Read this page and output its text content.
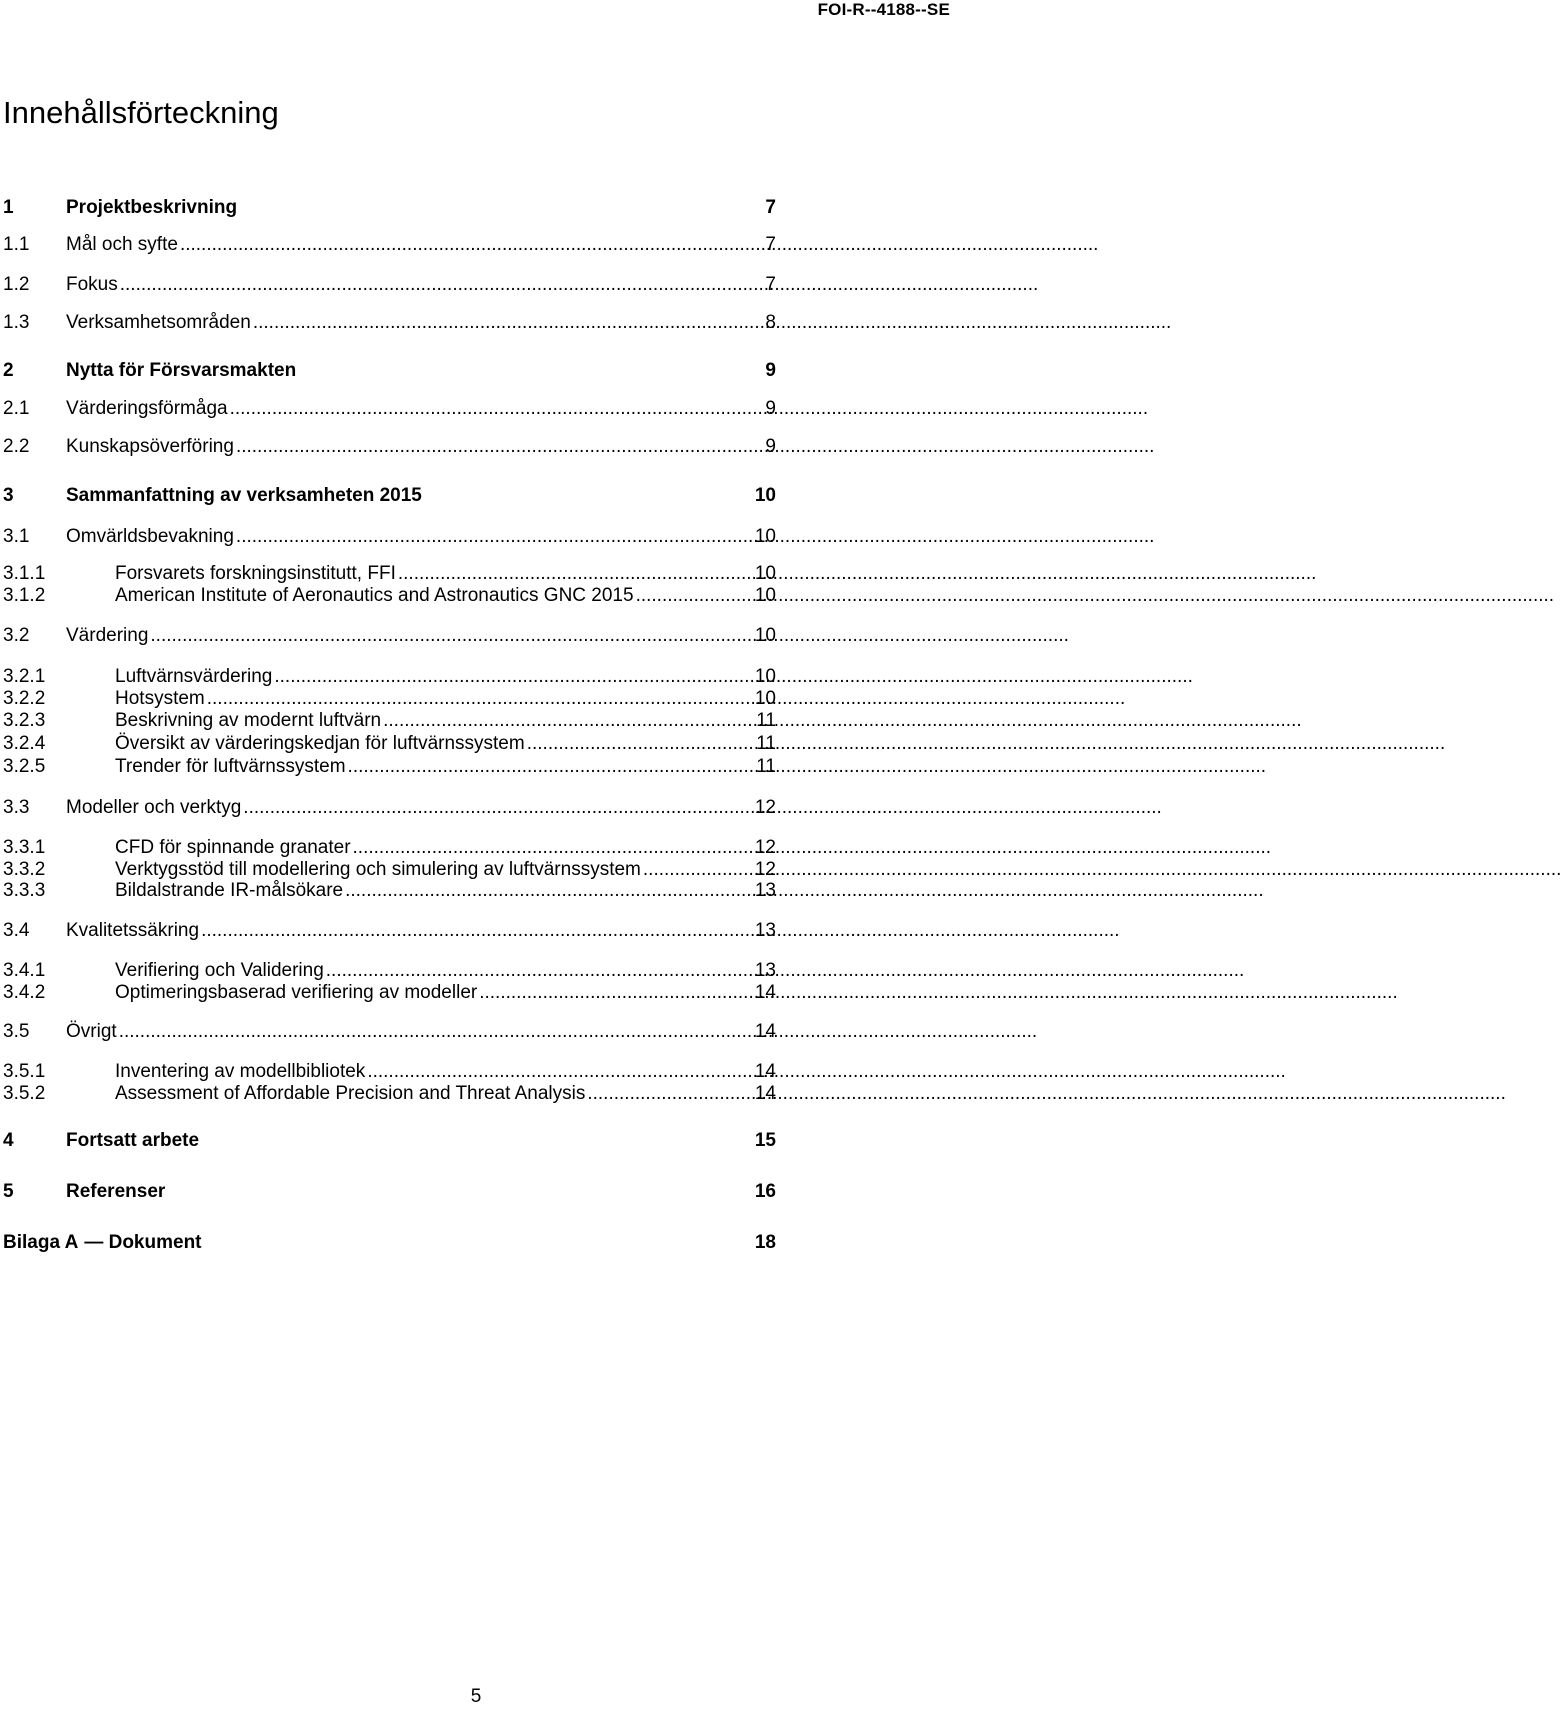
FOI-R--4188--SE
Innehållsförteckning
1	Projektbeskrivning	7
1.1	Mål och syfte .....	7
1.2	Fokus .....	7
1.3	Verksamhetsområden .....	8
2	Nytta för Försvarsmakten	9
2.1	Värderingsförmåga .....	9
2.2	Kunskapsöverföring .....	9
3	Sammanfattning av verksamheten 2015	10
3.1	Omvärldsbevakning .....	10
3.1.1	Forsvarets forskningsinstitutt, FFI .....	10
3.1.2	American Institute of Aeronautics and Astronautics GNC 2015 .....	10
3.2	Värdering .....	10
3.2.1	Luftvärnsvärdering .....	10
3.2.2	Hotsystem .....	10
3.2.3	Beskrivning av modernt luftvärn .....	11
3.2.4	Översikt av värderingskedjan för luftvärnssystem .....	11
3.2.5	Trender för luftvärnssystem .....	11
3.3	Modeller och verktyg .....	12
3.3.1	CFD för spinnande granater .....	12
3.3.2	Verktygsstöd till modellering och simulering av luftvärnssystem .....	12
3.3.3	Bildalstrande IR-målsökare .....	13
3.4	Kvalitetssäkring .....	13
3.4.1	Verifiering och Validering .....	13
3.4.2	Optimeringsbaserad verifiering av modeller .....	14
3.5	Övrigt .....	14
3.5.1	Inventering av modellbibliotek .....	14
3.5.2	Assessment of Affordable Precision and Threat Analysis .....	14
4	Fortsatt arbete	15
5	Referenser	16
Bilaga A — Dokument	18
5
